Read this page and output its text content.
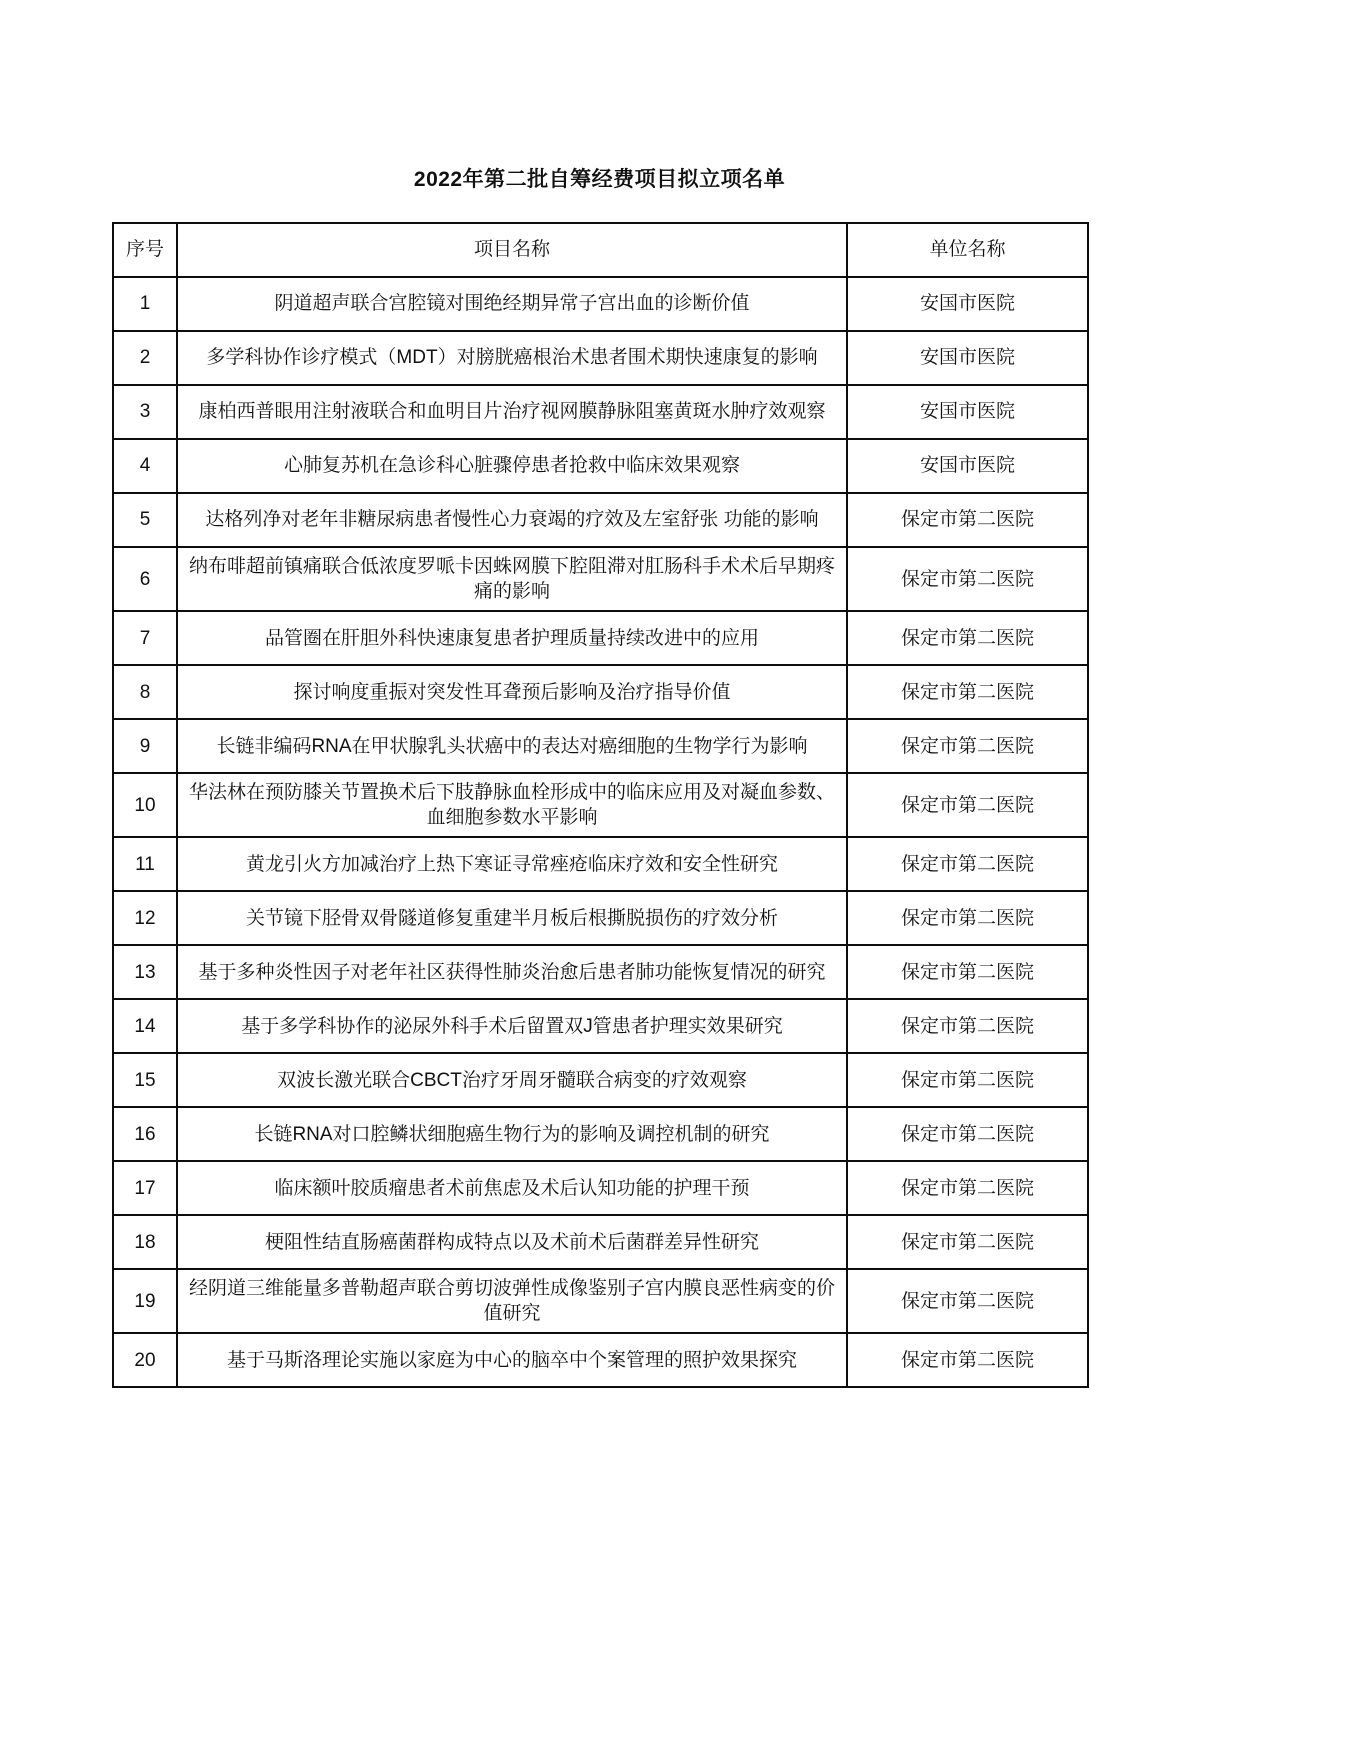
2022年第二批自筹经费项目拟立项名单
序号	项目名称	单位名称
1	阴道超声联合宫腔镜对围绝经期异常子宫出血的诊断价值	安国市医院
2	多学科协作诊疗模式（MDT）对膀胱癌根治术患者围术期快速康复的影响	安国市医院
3	康柏西普眼用注射液联合和血明目片治疗视网膜静脉阻塞黄斑水肿疗效观察	安国市医院
4	心肺复苏机在急诊科心脏骤停患者抢救中临床效果观察	安国市医院
5	达格列净对老年非糖尿病患者慢性心力衰竭的疗效及左室舒张 功能的影响	保定市第二医院
6	纳布啡超前镇痛联合低浓度罗哌卡因蛛网膜下腔阻滞对肛肠科手术术后早期疼痛的影响	保定市第二医院
7	品管圈在肝胆外科快速康复患者护理质量持续改进中的应用	保定市第二医院
8	探讨响度重振对突发性耳聋预后影响及治疗指导价值	保定市第二医院
9	长链非编码RNA在甲状腺乳头状癌中的表达对癌细胞的生物学行为影响	保定市第二医院
10	华法林在预防膝关节置换术后下肢静脉血栓形成中的临床应用及对凝血参数、 血细胞参数水平影响	保定市第二医院
11	黄龙引火方加减治疗上热下寒证寻常痤疮临床疗效和安全性研究	保定市第二医院
12	关节镜下胫骨双骨隧道修复重建半月板后根撕脱损伤的疗效分析	保定市第二医院
13	基于多种炎性因子对老年社区获得性肺炎治愈后患者肺功能恢复情况的研究	保定市第二医院
14	基于多学科协作的泌尿外科手术后留置双J管患者护理实效果研究	保定市第二医院
15	双波长激光联合CBCT治疗牙周牙髓联合病变的疗效观察	保定市第二医院
16	长链RNA对口腔鳞状细胞癌生物行为的影响及调控机制的研究	保定市第二医院
17	临床额叶胶质瘤患者术前焦虑及术后认知功能的护理干预	保定市第二医院
18	梗阻性结直肠癌菌群构成特点以及术前术后菌群差异性研究	保定市第二医院
19	经阴道三维能量多普勒超声联合剪切波弹性成像鉴别子宫内膜良恶性病变的价值研究	保定市第二医院
20	基于马斯洛理论实施以家庭为中心的脑卒中个案管理的照护效果探究	保定市第二医院
